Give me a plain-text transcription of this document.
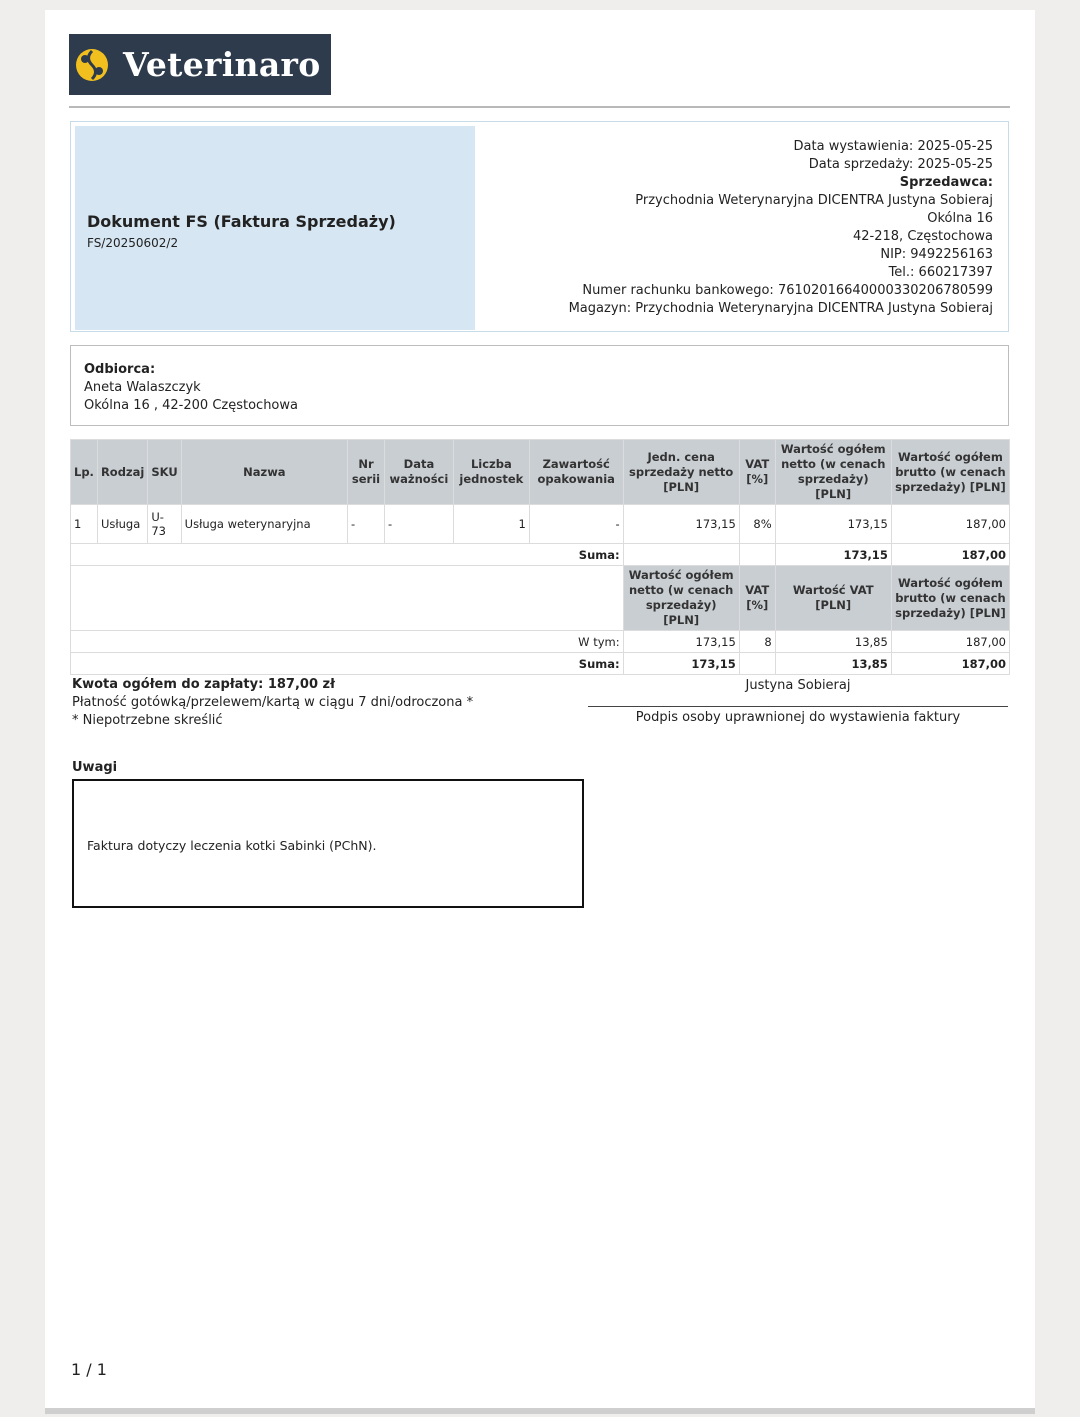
Veterinaro
Dokument FS (Faktura Sprzedaży)
FS/20250602/2
Data wystawienia: 2025-05-25
Data sprzedaży: 2025-05-25
Sprzedawca:
Przychodnia Weterynaryjna DICENTRA Justyna Sobieraj
Okólna 16
42-218, Częstochowa
NIP: 9492256163
Tel.: 660217397
Numer rachunku bankowego: 76102016640000330206780599
Magazyn: Przychodnia Weterynaryjna DICENTRA Justyna Sobieraj
Odbiorca:
Aneta Walaszczyk
Okólna 16 , 42-200 Częstochowa
Lp.	Rodzaj	SKU	Nazwa	Nr serii	Data ważności	Liczba jednostek	Zawartość opakowania	Jedn. cena sprzedaży netto [PLN]	VAT [%]	Wartość ogółem netto (w cenach sprzedaży) [PLN]	Wartość ogółem brutto (w cenach sprzedaży) [PLN]
1	Usługa	U-73	Usługa weterynaryjna	-	-	1	-	173,15	8%	173,15	187,00
Suma:										173,15	187,00
								Wartość ogółem netto (w cenach sprzedaży) [PLN]	VAT [%]	Wartość VAT [PLN]	Wartość ogółem brutto (w cenach sprzedaży) [PLN]
W tym:								173,15	8	13,85	187,00
Suma:								173,15		13,85	187,00
Kwota ogółem do zapłaty: 187,00 zł
Płatność gotówką/przelewem/kartą w ciągu 7 dni/odroczona *
* Niepotrzebne skreślić
Justyna Sobieraj
Podpis osoby uprawnionej do wystawienia faktury
Uwagi
Faktura dotyczy leczenia kotki Sabinki (PChN).
1 / 1
